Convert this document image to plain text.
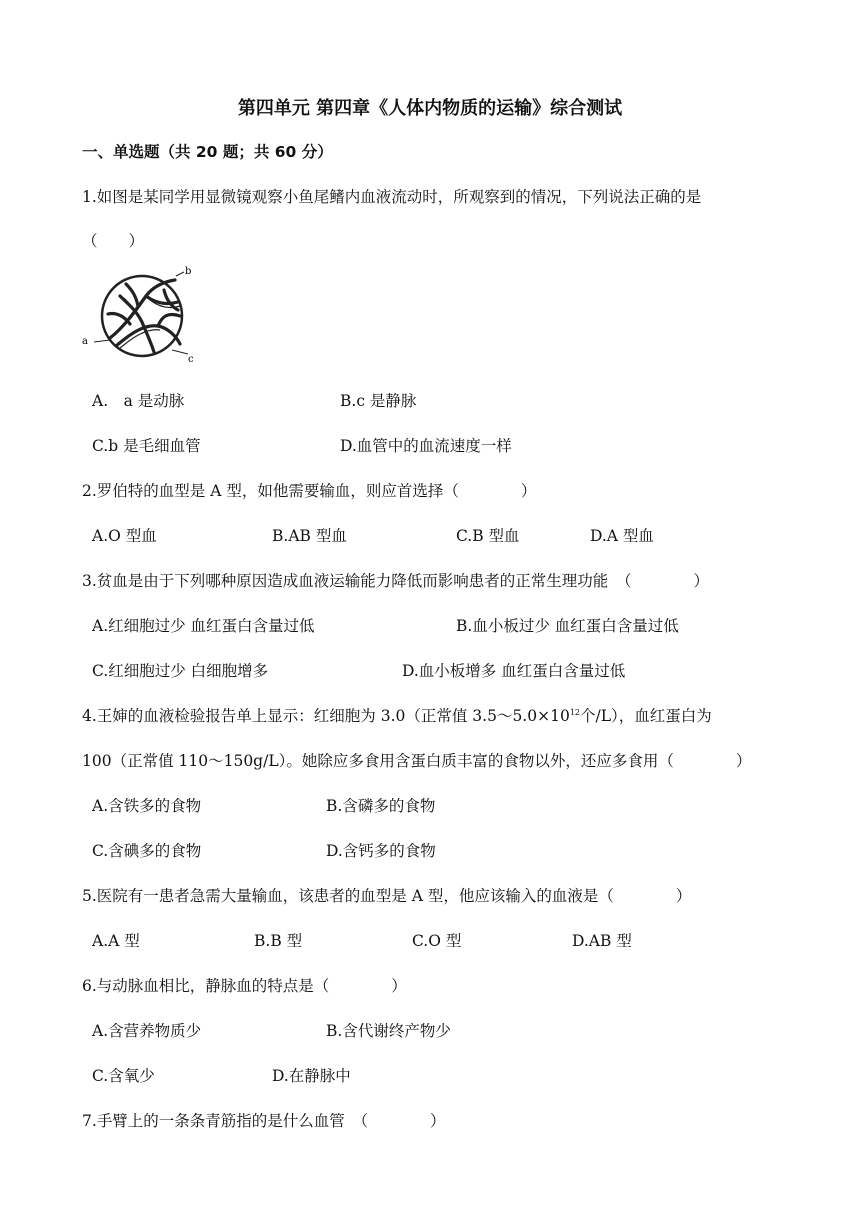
第四单元 第四章《人体内物质的运输》综合测试
一、单选题（共 20 题；共 60 分）
1.如图是某同学用显微镜观察小鱼尾鳍内血液流动时，所观察到的情况，下列说法正确的是
（　　）
b
a
c
A.　a 是动脉	B.c 是静脉
C.b 是毛细血管	D.血管中的血流速度一样
2.罗伯特的血型是 A 型，如他需要输血，则应首选择（　　　　）
A.O 型血	B.AB 型血	C.B 型血	D.A 型血
3.贫血是由于下列哪种原因造成血液运输能力降低而影响患者的正常生理功能　（　　　　）
A.红细胞过少 血红蛋白含量过低	B.血小板过少 血红蛋白含量过低
C.红细胞过少 白细胞增多	D.血小板增多 血红蛋白含量过低
4.王婶的血液检验报告单上显示：红细胞为 3.0（正常值 $3.5\sim 5.0\times 10^{12}$个/L），血红蛋白为
100（正常值 110～150g/L）。她除应多食用含蛋白质丰富的食物以外，还应多食用（　　　　）
A.含铁多的食物	B.含磷多的食物
C.含碘多的食物	D.含钙多的食物
5.医院有一患者急需大量输血，该患者的血型是 A 型，他应该输入的血液是（　　　　）
A.A 型	B.B 型	C.O 型	D.AB 型
6.与动脉血相比，静脉血的特点是（　　　　）
A.含营养物质少	B.含代谢终产物少
C.含氧少	D.在静脉中
7.手臂上的一条条青筋指的是什么血管　（　　　　）
